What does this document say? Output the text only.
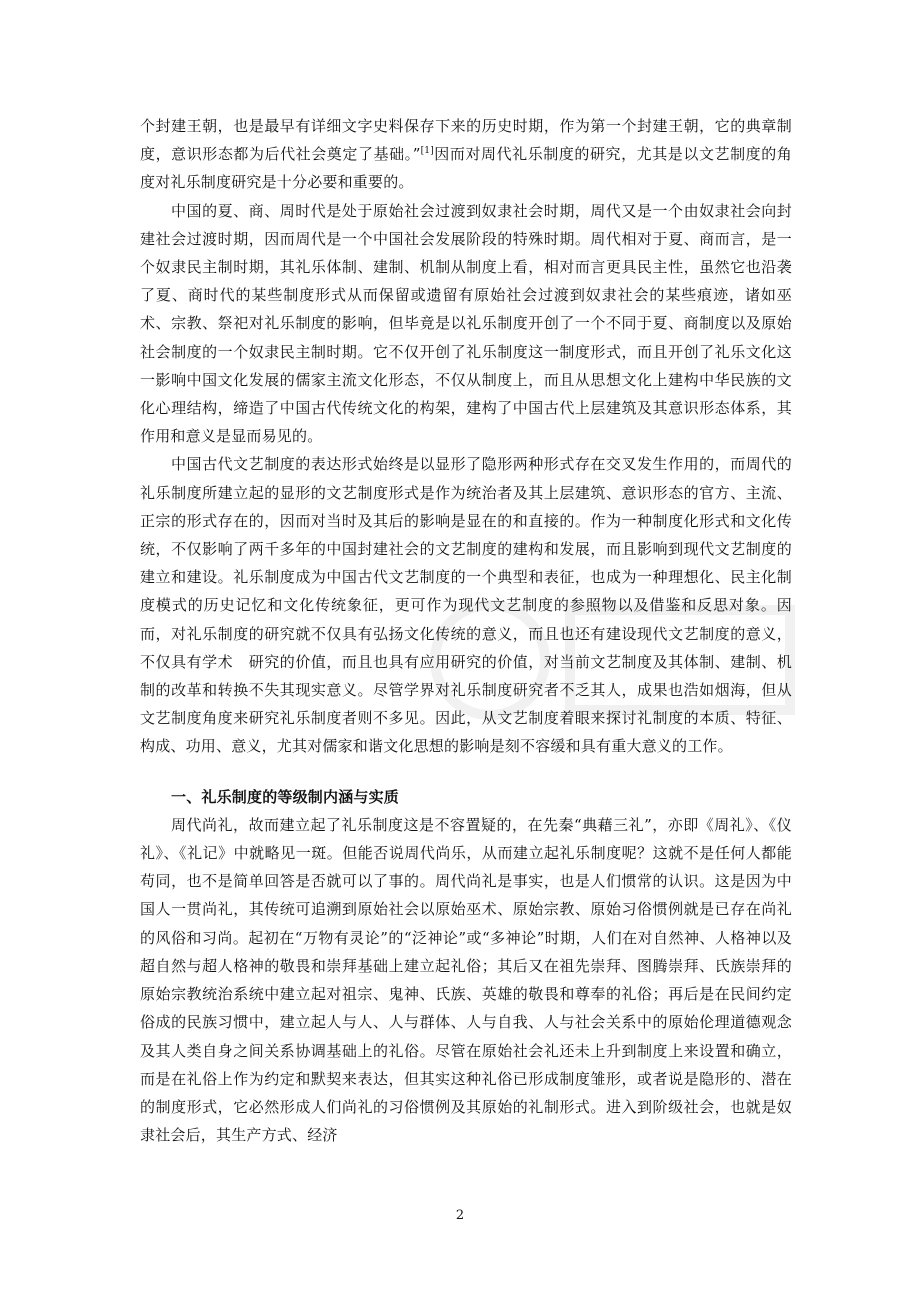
个封建王朝，也是最早有详细文字史料保存下来的历史时期，作为第一个封建王朝，它的典章制度，意识形态都为后代社会奠定了基础。”[1]因而对周代礼乐制度的研究，尤其是以文艺制度的角度对礼乐制度研究是十分必要和重要的。

中国的夏、商、周时代是处于原始社会过渡到奴隶社会时期，周代又是一个由奴隶社会向封建社会过渡时期，因而周代是一个中国社会发展阶段的特殊时期。周代相对于夏、商而言，是一个奴隶民主制时期，其礼乐体制、建制、机制从制度上看，相对而言更具民主性，虽然它也沿袭了夏、商时代的某些制度形式从而保留或遗留有原始社会过渡到奴隶社会的某些痕迹，诸如巫术、宗教、祭祀对礼乐制度的影响，但毕竟是以礼乐制度开创了一个不同于夏、商制度以及原始社会制度的一个奴隶民主制时期。它不仅开创了礼乐制度这一制度形式，而且开创了礼乐文化这一影响中国文化发展的儒家主流文化形态，不仅从制度上，而且从思想文化上建构中华民族的文化心理结构，缔造了中国古代传统文化的构架，建构了中国古代上层建筑及其意识形态体系，其作用和意义是显而易见的。

中国古代文艺制度的表达形式始终是以显形了隐形两种形式存在交叉发生作用的，而周代的礼乐制度所建立起的显形的文艺制度形式是作为统治者及其上层建筑、意识形态的官方、主流、正宗的形式存在的，因而对当时及其后的影响是显在的和直接的。作为一种制度化形式和文化传统，不仅影响了两千多年的中国封建社会的文艺制度的建构和发展，而且影响到现代文艺制度的建立和建设。礼乐制度成为中国古代文艺制度的一个典型和表征，也成为一种理想化、民主化制度模式的历史记忆和文化传统象征，更可作为现代文艺制度的参照物以及借鉴和反思对象。因而，对礼乐制度的研究就不仅具有弘扬文化传统的意义，而且也还有建设现代文艺制度的意义，不仅具有学术　研究的价值，而且也具有应用研究的价值，对当前文艺制度及其体制、建制、机制的改革和转换不失其现实意义。尽管学界对礼乐制度研究者不乏其人，成果也浩如烟海，但从文艺制度角度来研究礼乐制度者则不多见。因此，从文艺制度着眼来探讨礼制度的本质、特征、构成、功用、意义，尤其对儒家和谐文化思想的影响是刻不容缓和具有重大意义的工作。

一、礼乐制度的等级制内涵与实质

周代尚礼，故而建立起了礼乐制度这是不容置疑的，在先秦“典藉三礼”，亦即《周礼》、《仪礼》、《礼记》中就略见一斑。但能否说周代尚乐，从而建立起礼乐制度呢？这就不是任何人都能苟同，也不是简单回答是否就可以了事的。周代尚礼是事实，也是人们惯常的认识。这是因为中国人一贯尚礼，其传统可追溯到原始社会以原始巫术、原始宗教、原始习俗惯例就是已存在尚礼的风俗和习尚。起初在“万物有灵论”的“泛神论”或“多神论”时期，人们在对自然神、人格神以及超自然与超人格神的敬畏和崇拜基础上建立起礼俗；其后又在祖先崇拜、图腾崇拜、氏族崇拜的原始宗教统治系统中建立起对祖宗、鬼神、氏族、英雄的敬畏和尊奉的礼俗；再后是在民间约定俗成的民族习惯中，建立起人与人、人与群体、人与自我、人与社会关系中的原始伦理道德观念及其人类自身之间关系协调基础上的礼俗。尽管在原始社会礼还未上升到制度上来设置和确立，而是在礼俗上作为约定和默契来表达，但其实这种礼俗已形成制度雏形，或者说是隐形的、潜在的制度形式，它必然形成人们尚礼的习俗惯例及其原始的礼制形式。进入到阶级社会，也就是奴隶社会后，其生产方式、经济

2
